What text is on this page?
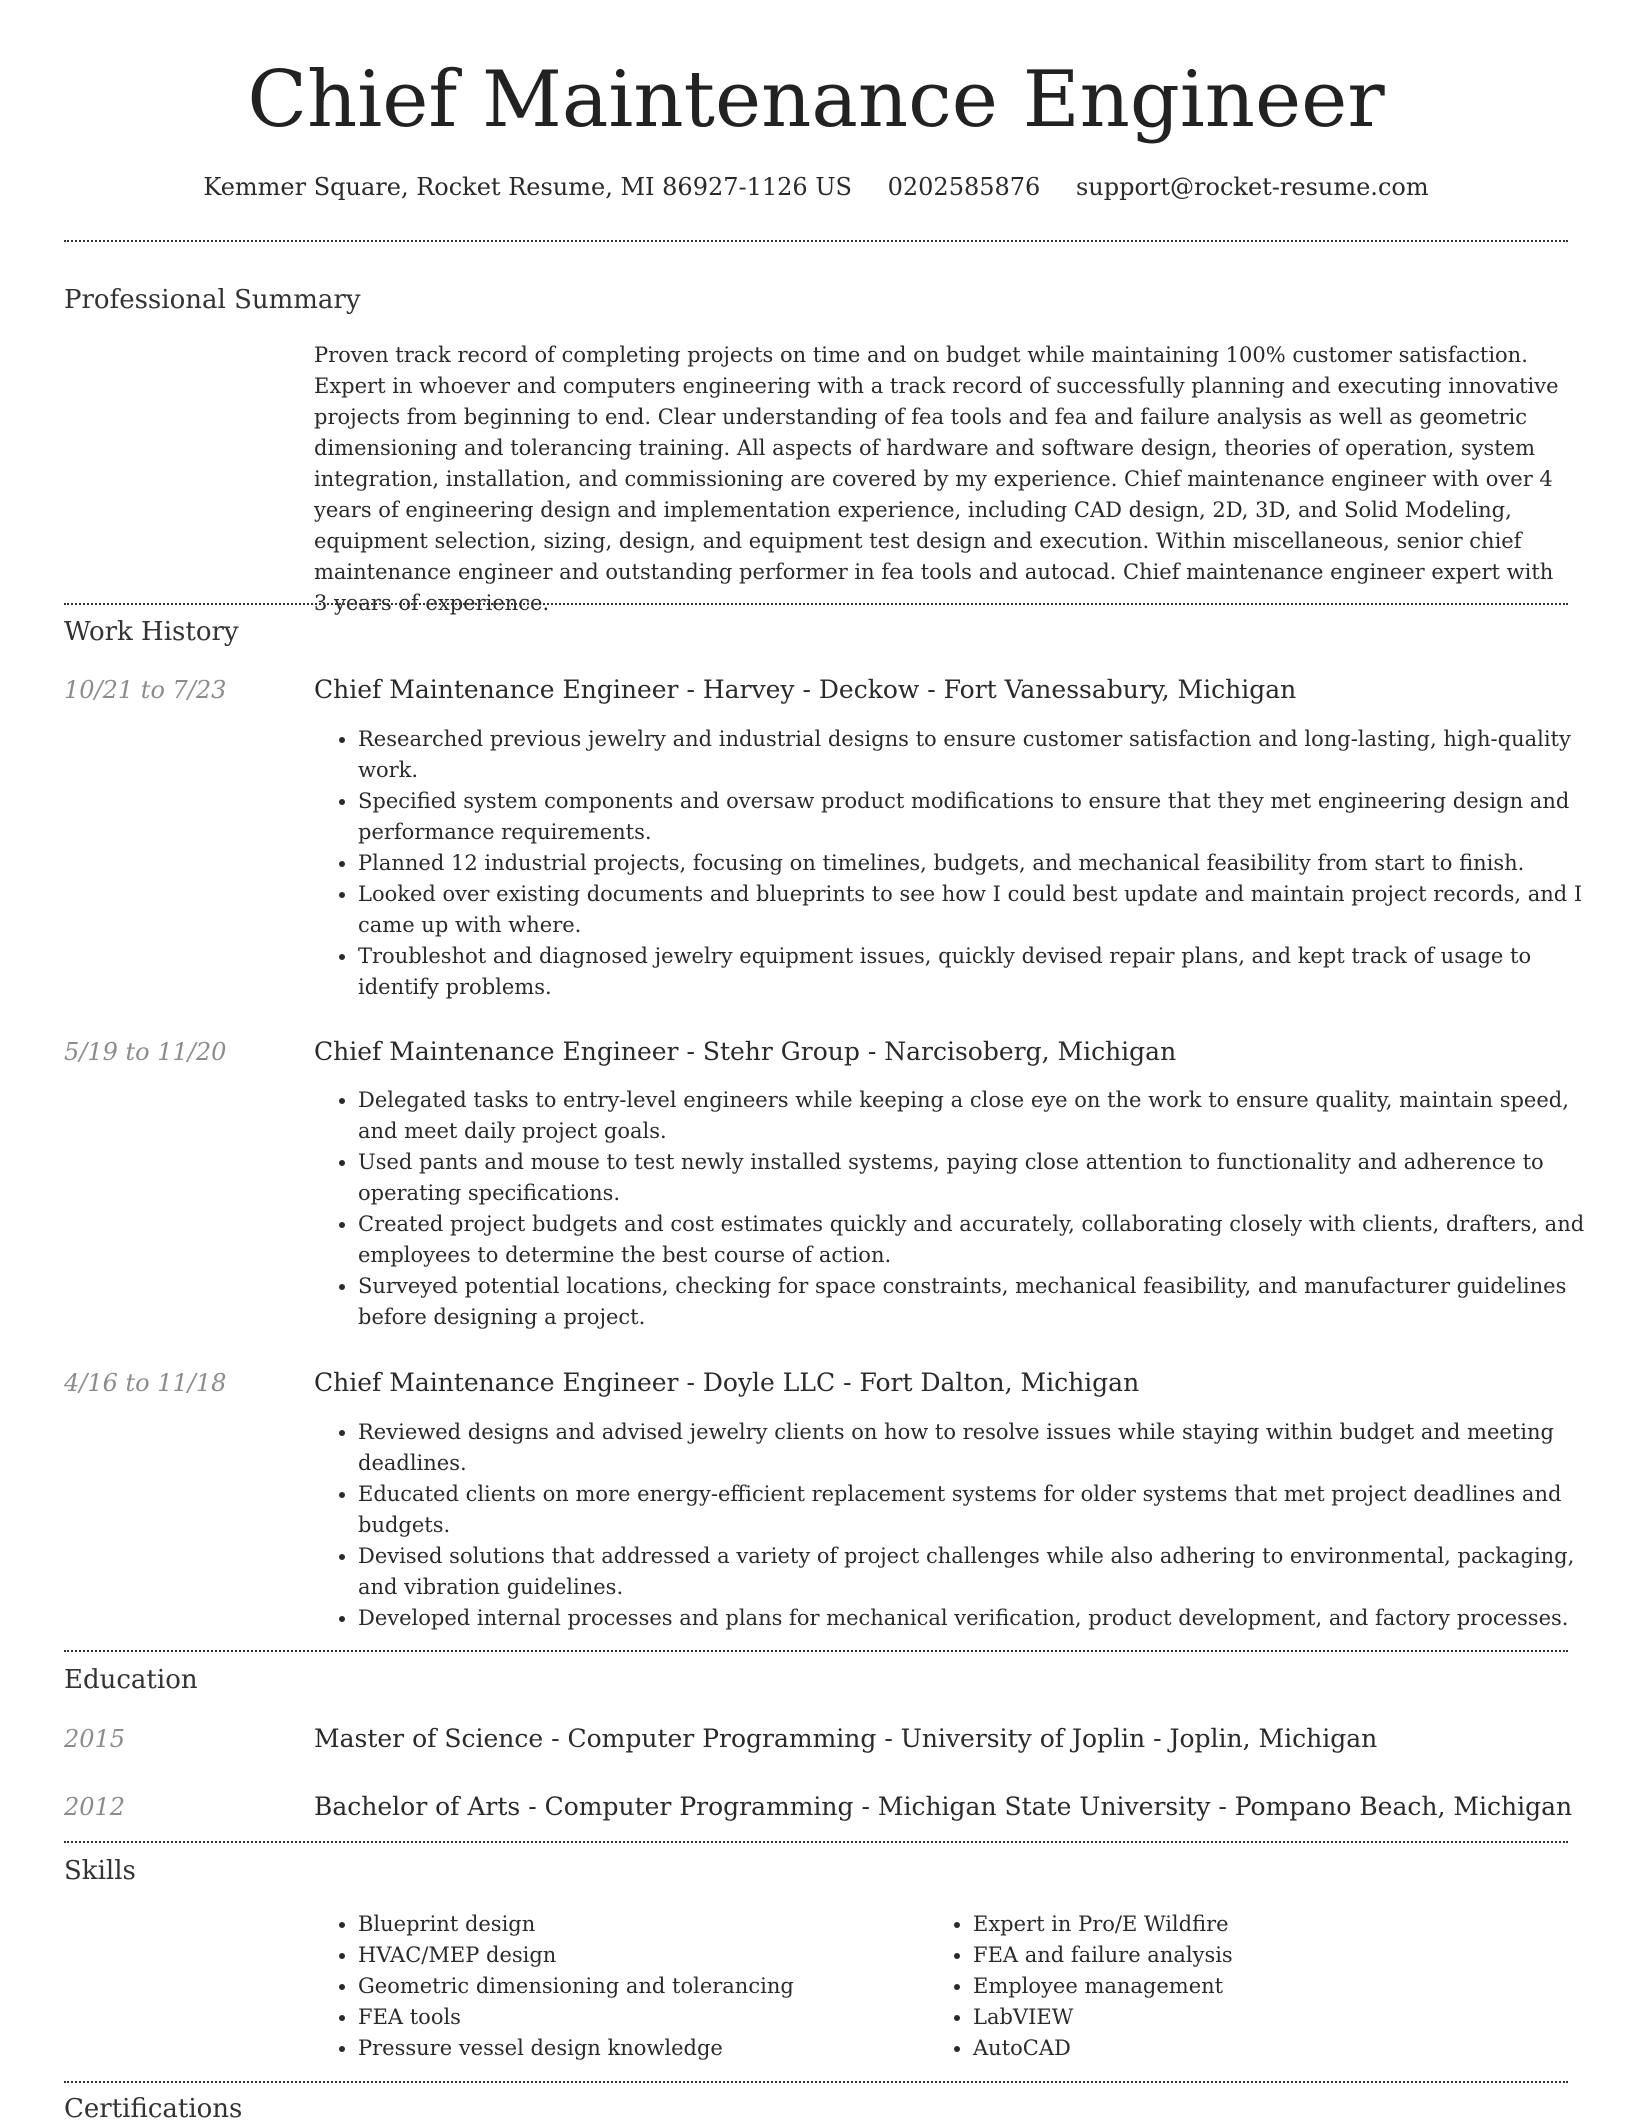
Chief Maintenance Engineer
Kemmer Square, Rocket Resume, MI 86927-1126 US 0202585876 support@rocket-resume.com
Professional Summary
Proven track record of completing projects on time and on budget while maintaining 100% customer satisfaction. Expert in whoever and computers engineering with a track record of successfully planning and executing innovative projects from beginning to end. Clear understanding of fea tools and fea and failure analysis as well as geometric dimensioning and tolerancing training. All aspects of hardware and software design, theories of operation, system integration, installation, and commissioning are covered by my experience. Chief maintenance engineer with over 4 years of engineering design and implementation experience, including CAD design, 2D, 3D, and Solid Modeling, equipment selection, sizing, design, and equipment test design and execution. Within miscellaneous, senior chief maintenance engineer and outstanding performer in fea tools and autocad. Chief maintenance engineer expert with 3 years of experience.
Work History
10/21 to 7/23	Chief Maintenance Engineer - Harvey - Deckow - Fort Vanessabury, Michigan
• Researched previous jewelry and industrial designs to ensure customer satisfaction and long-lasting, high-quality work.
• Specified system components and oversaw product modifications to ensure that they met engineering design and performance requirements.
• Planned 12 industrial projects, focusing on timelines, budgets, and mechanical feasibility from start to finish.
• Looked over existing documents and blueprints to see how I could best update and maintain project records, and I came up with where.
• Troubleshot and diagnosed jewelry equipment issues, quickly devised repair plans, and kept track of usage to identify problems.
5/19 to 11/20	Chief Maintenance Engineer - Stehr Group - Narcisoberg, Michigan
• Delegated tasks to entry-level engineers while keeping a close eye on the work to ensure quality, maintain speed, and meet daily project goals.
• Used pants and mouse to test newly installed systems, paying close attention to functionality and adherence to operating specifications.
• Created project budgets and cost estimates quickly and accurately, collaborating closely with clients, drafters, and employees to determine the best course of action.
• Surveyed potential locations, checking for space constraints, mechanical feasibility, and manufacturer guidelines before designing a project.
4/16 to 11/18	Chief Maintenance Engineer - Doyle LLC - Fort Dalton, Michigan
• Reviewed designs and advised jewelry clients on how to resolve issues while staying within budget and meeting deadlines.
• Educated clients on more energy-efficient replacement systems for older systems that met project deadlines and budgets.
• Devised solutions that addressed a variety of project challenges while also adhering to environmental, packaging, and vibration guidelines.
• Developed internal processes and plans for mechanical verification, product development, and factory processes.
Education
2015	Master of Science - Computer Programming - University of Joplin - Joplin, Michigan
2012	Bachelor of Arts - Computer Programming - Michigan State University - Pompano Beach, Michigan
Skills
• Blueprint design
• HVAC/MEP design
• Geometric dimensioning and tolerancing
• FEA tools
• Pressure vessel design knowledge
• Expert in Pro/E Wildfire
• FEA and failure analysis
• Employee management
• LabVIEW
• AutoCAD
Certifications
